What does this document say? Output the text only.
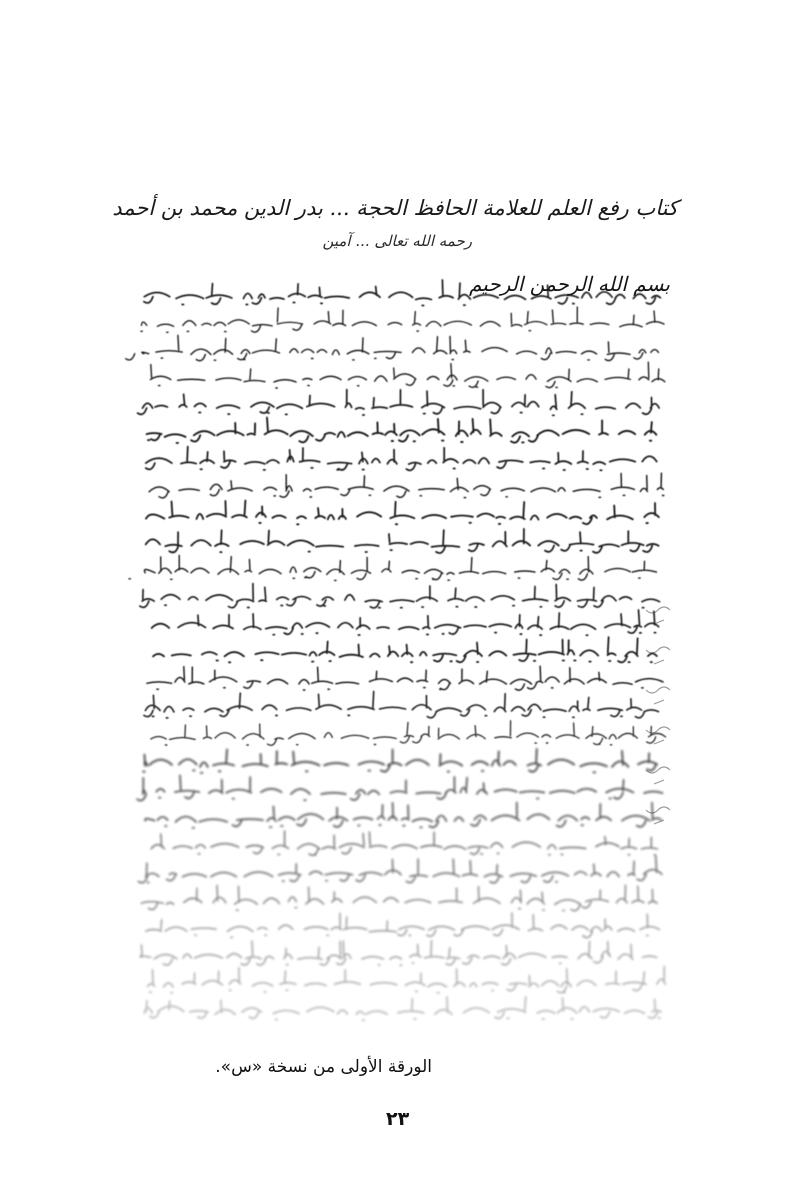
كتاب رفع العلم للعلامة الحافظ الحجة ... بدر الدين محمد بن أحمد
رحمه الله تعالى ... آمين
بسم الله الرحمن الرحيم
الورقة الأولى من نسخة «س».
٢٣
